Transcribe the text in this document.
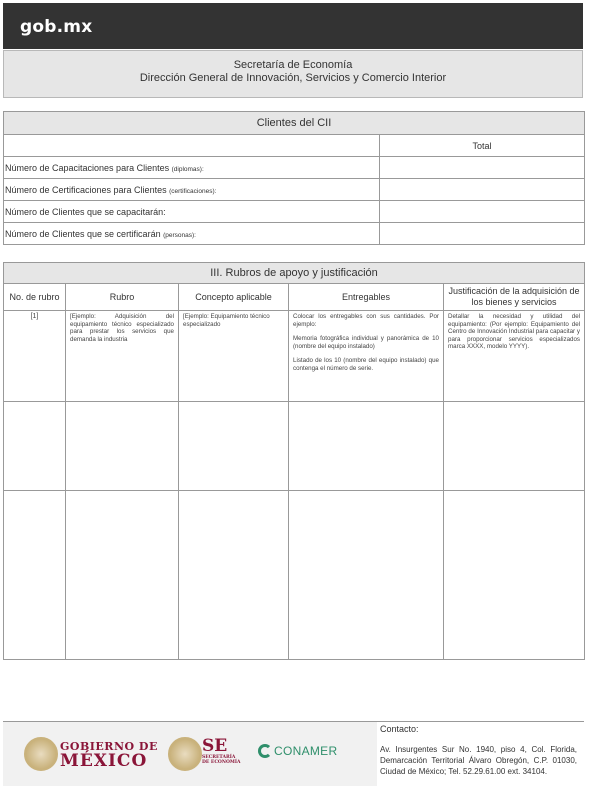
gob.mx
Secretaría de Economía
Dirección General de Innovación, Servicios y Comercio Interior
Clientes del CII	
	Total
Número de Capacitaciones para Clientes (diplomas):	
Número de Certificaciones para Clientes (certificaciones):	
Número de Clientes que se capacitarán:	
Número de Clientes que se certificarán (personas):	
III. Rubros de apoyo y justificación				
No. de rubro	Rubro	Concepto aplicable	Entregables	Justificación de la adquisición de los bienes y servicios
[1]	[Ejemplo: Adquisición del equipamiento técnico especializado para prestar los servicios que demanda la industria	[Ejemplo: Equipamiento técnico especializado	Colocar los entregables con sus cantidades. Por ejemplo:

Memoria fotográfica individual y panorámica de 10 (nombre del equipo instalado)

Listado de los 10 (nombre del equipo instalado) que contenga el número de serie.	Detallar la necesidad y utilidad del equipamiento: (Por ejemplo: Equipamiento del Centro de Innovación Industrial para capacitar y para proporcionar servicios especializados marca XXXX, modelo YYYY).

GOBIERNO DE
MÉXICO
SE
SECRETARÍA
DE ECONOMÍA
CONAMER
Contacto:
Av. Insurgentes Sur No. 1940, piso 4, Col. Florida, Demarcación Territorial Álvaro Obregón, C.P. 01030, Ciudad de México; Tel. 52.29.61.00 ext. 34104.
